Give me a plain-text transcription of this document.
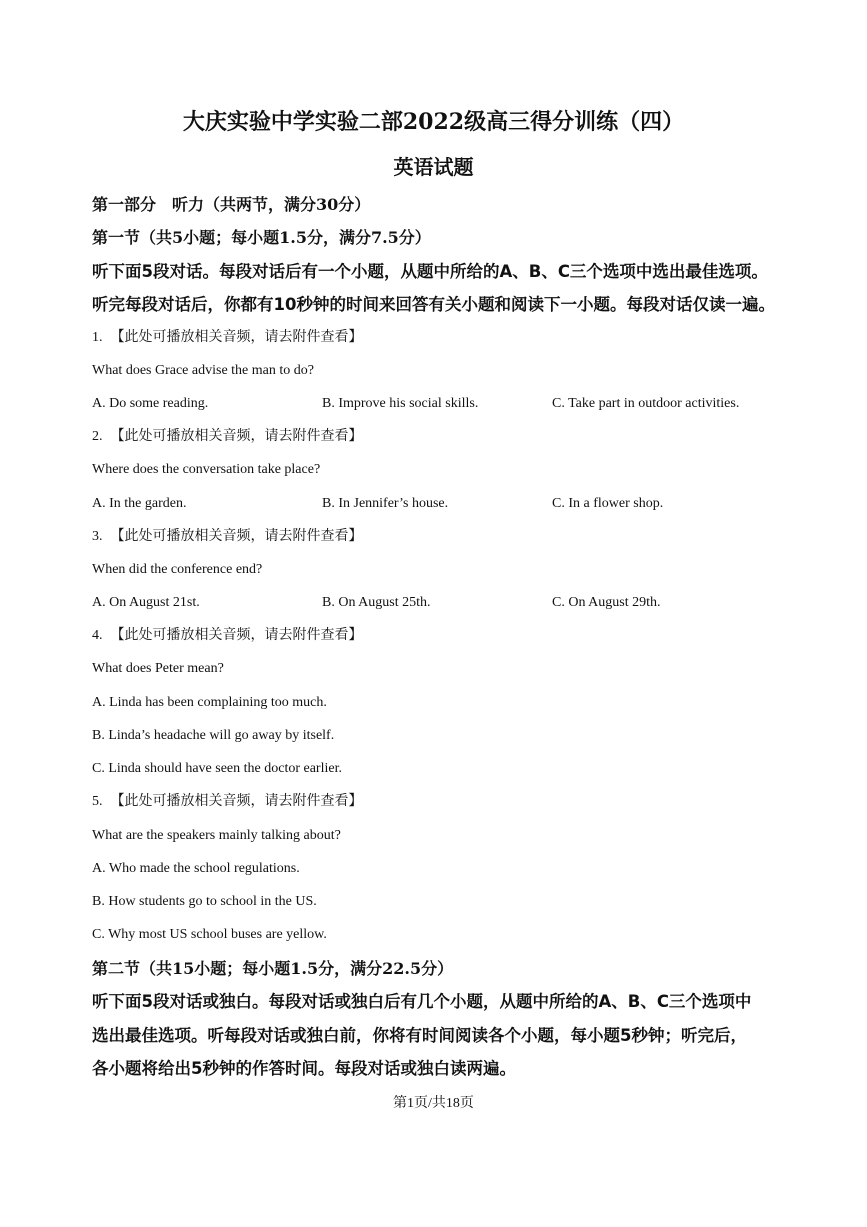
大庆实验中学实验二部2022级高三得分训练（四）
英语试题
第一部分　听力（共两节，满分30分）
第一节（共5小题；每小题1.5分，满分7.5分）
听下面5段对话。每段对话后有一个小题，从题中所给的A、B、C三个选项中选出最佳选项。
听完每段对话后，你都有10秒钟的时间来回答有关小题和阅读下一小题。每段对话仅读一遍。
1. 【此处可播放相关音频，请去附件查看】
What does Grace advise the man to do?
A. Do some reading.	B. Improve his social skills.	C. Take part in outdoor activities.
2. 【此处可播放相关音频，请去附件查看】
Where does the conversation take place?
A. In the garden.	B. In Jennifer’s house.	C. In a flower shop.
3. 【此处可播放相关音频，请去附件查看】
When did the conference end?
A. On August 21st.	B. On August 25th.	C. On August 29th.
4. 【此处可播放相关音频，请去附件查看】
What does Peter mean?
A. Linda has been complaining too much.
B. Linda’s headache will go away by itself.
C. Linda should have seen the doctor earlier.
5. 【此处可播放相关音频，请去附件查看】
What are the speakers mainly talking about?
A. Who made the school regulations.
B. How students go to school in the US.
C. Why most US school buses are yellow.
第二节（共15小题；每小题1.5分，满分22.5分）
听下面5段对话或独白。每段对话或独白后有几个小题，从题中所给的A、B、C三个选项中
选出最佳选项。听每段对话或独白前，你将有时间阅读各个小题，每小题5秒钟；听完后，
各小题将给出5秒钟的作答时间。每段对话或独白读两遍。
第1页/共18页
